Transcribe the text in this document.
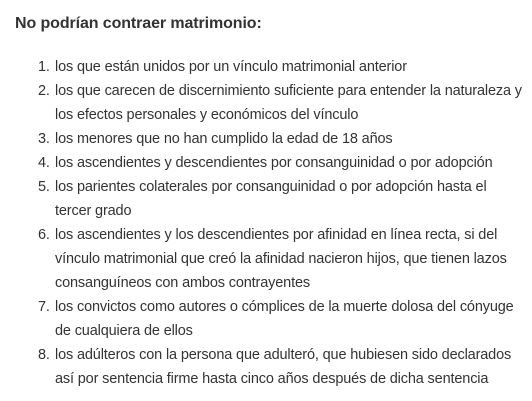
No podrían contraer matrimonio:
1. los que están unidos por un vínculo matrimonial anterior
2. los que carecen de discernimiento suficiente para entender la naturaleza y los efectos personales y económicos del vínculo
3. los menores que no han cumplido la edad de 18 años
4. los ascendientes y descendientes por consanguinidad o por adopción
5. los parientes colaterales por consanguinidad o por adopción hasta el tercer grado
6. los ascendientes y los descendientes por afinidad en línea recta, si del vínculo matrimonial que creó la afinidad nacieron hijos, que tienen lazos consanguíneos con ambos contrayentes
7. los convictos como autores o cómplices de la muerte dolosa del cónyuge de cualquiera de ellos
8. los adúlteros con la persona que adulteró, que hubiesen sido declarados así por sentencia firme hasta cinco años después de dicha sentencia
